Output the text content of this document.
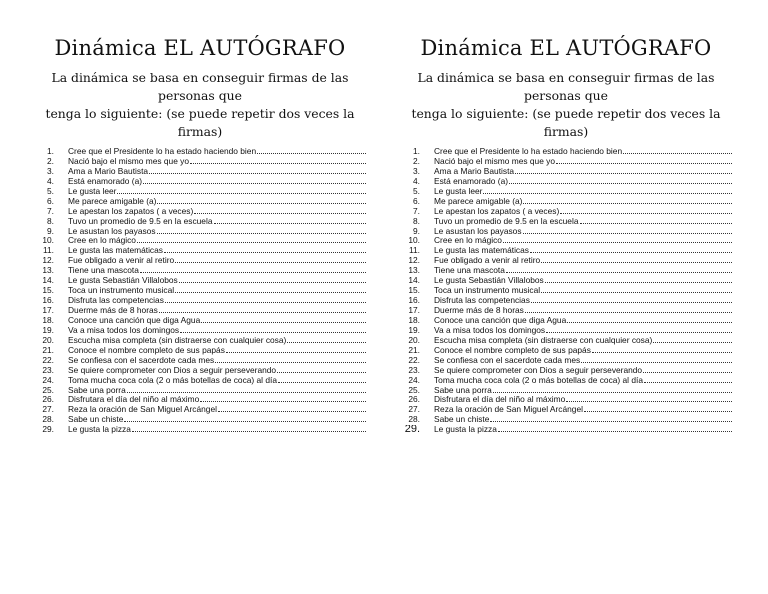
Dinámica EL AUTÓGRAFO

La dinámica se basa en conseguir firmas de las personas que
tenga lo siguiente: (se puede repetir dos veces la firmas)

1. Cree que el Presidente lo ha estado haciendo bien
2. Nació bajo el mismo mes que yo
3. Ama a Mario Bautista
4. Está enamorado (a)
5. Le gusta leer
6. Me parece amigable (a)
7. Le apestan los zapatos ( a veces)
8. Tuvo un promedio de 9.5 en la escuela
9. Le asustan los payasos
10. Cree en lo mágico
11. Le gusta las matemáticas
12. Fue obligado a venir al retiro
13. Tiene una mascota
14. Le gusta Sebastián Villalobos
15. Toca un instrumento musical
16. Disfruta las competencias
17. Duerme más de 8 horas
18. Conoce una canción que diga Agua
19. Va a misa todos los domingos
20. Escucha misa completa (sin distraerse con cualquier cosa)
21. Conoce el nombre completo de sus papás
22. Se confiesa con el sacerdote cada mes
23. Se quiere comprometer con Dios a seguir perseverando
24. Toma mucha coca cola (2 o más botellas de coca) al día
25. Sabe una porra
26. Disfrutara el día del niño al máximo
27. Reza la oración de San Miguel Arcángel
28. Sabe un chiste
29. Le gusta la pizza
Dinámica EL AUTÓGRAFO

La dinámica se basa en conseguir firmas de las personas que
tenga lo siguiente: (se puede repetir dos veces la firmas)

1. Cree que el Presidente lo ha estado haciendo bien
2. Nació bajo el mismo mes que yo
3. Ama a Mario Bautista
4. Está enamorado (a)
5. Le gusta leer
6. Me parece amigable (a)
7. Le apestan los zapatos ( a veces)
8. Tuvo un promedio de 9.5 en la escuela
9. Le asustan los payasos
10. Cree en lo mágico
11. Le gusta las matemáticas
12. Fue obligado a venir al retiro
13. Tiene una mascota
14. Le gusta Sebastián Villalobos
15. Toca un instrumento musical
16. Disfruta las competencias
17. Duerme más de 8 horas
18. Conoce una canción que diga Agua
19. Va a misa todos los domingos
20. Escucha misa completa (sin distraerse con cualquier cosa)
21. Conoce el nombre completo de sus papás
22. Se confiesa con el sacerdote cada mes
23. Se quiere comprometer con Dios a seguir perseverando
24. Toma mucha coca cola (2 o más botellas de coca) al día
25. Sabe una porra
26. Disfrutara el día del niño al máximo
27. Reza la oración de San Miguel Arcángel
28. Sabe un chiste
29. Le gusta la pizza
